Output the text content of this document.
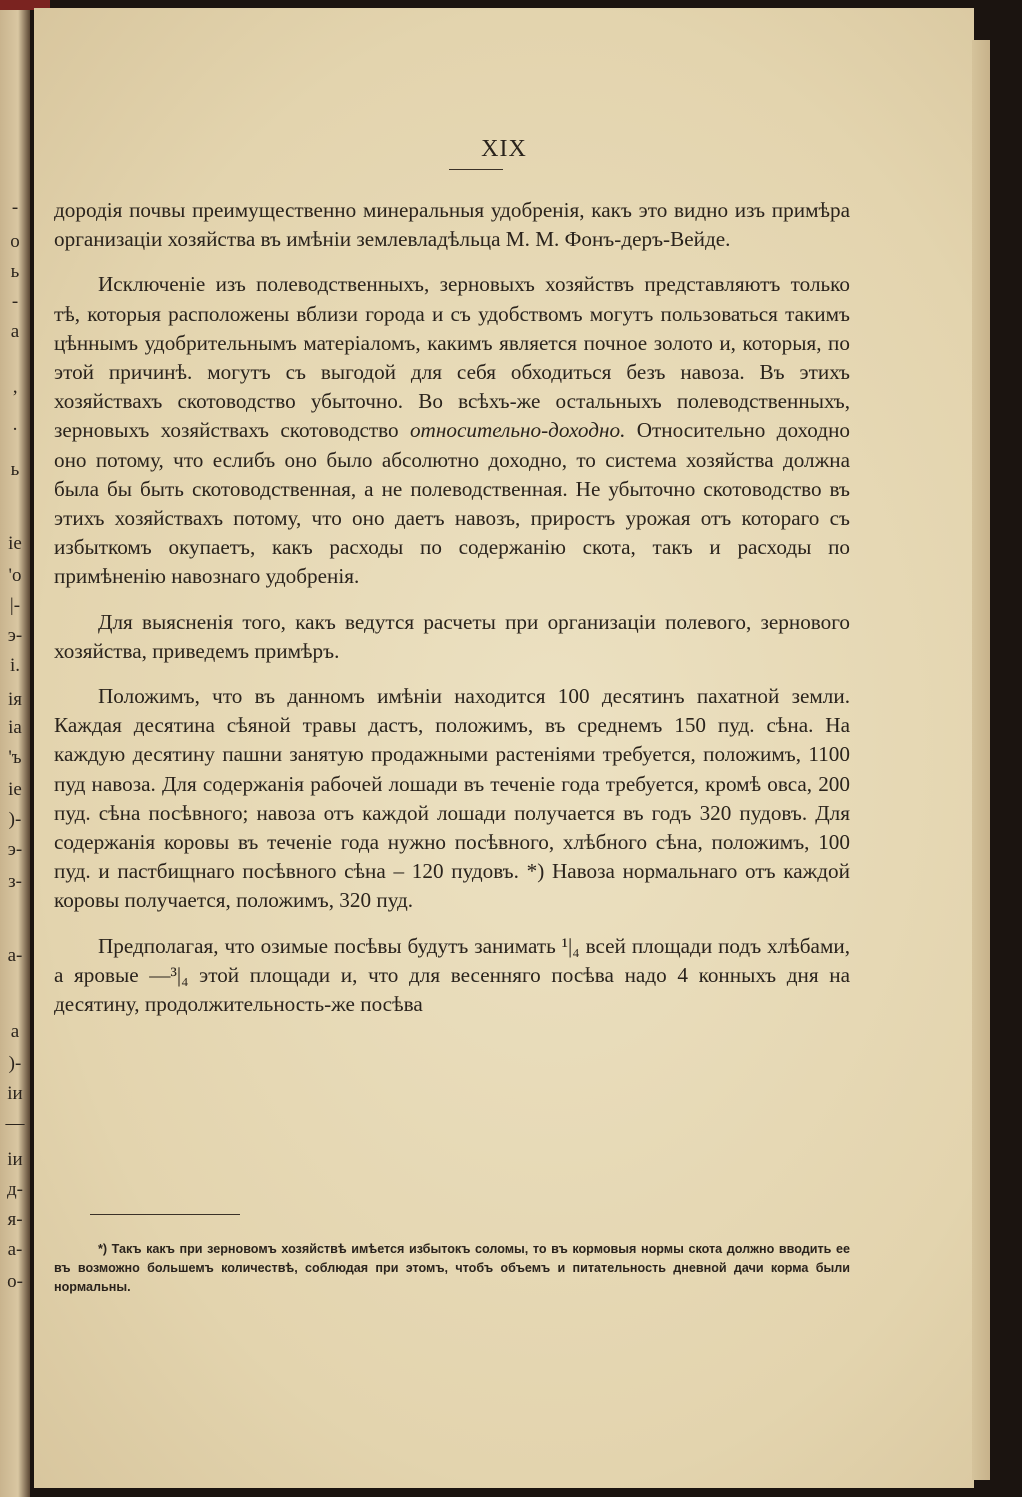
-
о
ь
-
а
’
·
ь
іе
'о
|-
э-
і.
ія
іа
'ъ
іе
)-
э-
з-
а-
а
)-
іи
—
іи
д-
я-
а-
о-
XIX

дородія почвы преимущественно минеральныя удобренія, какъ это видно изъ примѣра организаціи хозяйства въ имѣніи землевладѣльца М. М. Фонъ-деръ-Вейде.

Исключеніе изъ полеводственныхъ, зерновыхъ хозяйствъ представляютъ только тѣ, которыя расположены вблизи города и съ удобствомъ могутъ пользоваться такимъ цѣннымъ удобрительнымъ матеріаломъ, какимъ является почное золото и, которыя, по этой причинѣ. могутъ съ выгодой для себя обходиться безъ навоза. Въ этихъ хозяйствахъ скотоводство убыточно. Во всѣхъ-же остальныхъ полеводственныхъ, зерновыхъ хозяйствахъ скотоводство относительно-доходно. Относительно доходно оно потому, что еслибъ оно было абсолютно доходно, то система хозяйства должна была бы быть скотоводственная, а не полеводственная. Не убыточно скотоводство въ этихъ хозяйствахъ потому, что оно даетъ навозъ, приростъ урожая отъ котораго съ избыткомъ окупаетъ, какъ расходы по содержанію скота, такъ и расходы по примѣненію навознаго удобренія.

Для выясненія того, какъ ведутся расчеты при организаціи полевого, зернового хозяйства, приведемъ примѣръ.

Положимъ, что въ данномъ имѣніи находится 100 десятинъ пахатной земли. Каждая десятина сѣяной травы дастъ, положимъ, въ среднемъ 150 пуд. сѣна. На каждую десятину пашни занятую продажными растеніями требуется, положимъ, 1100 пуд навоза. Для содержанія рабочей лошади въ теченіе года требуется, кромѣ овса, 200 пуд. сѣна посѣвного; навоза отъ каждой лошади получается въ годъ 320 пудовъ. Для содержанія коровы въ теченіе года нужно посѣвного, хлѣбного сѣна, положимъ, 100 пуд. и пастбищнаго посѣвного сѣна – 120 пудовъ. *) Навоза нормальнаго отъ каждой коровы получается, положимъ, 320 пуд.

Предполагая, что озимые посѣвы будутъ занимать ¹|₄ всей площади подъ хлѣбами, а яровые —³|₄ этой площади и, что для весенняго посѣва надо 4 конныхъ дня на десятину, продолжительность-же посѣва

*) Такъ какъ при зерновомъ хозяйствѣ имѣется избытокъ соломы, то въ кормовыя нормы скота должно вводить ее въ возможно большемъ количествѣ, соблюдая при этомъ, чтобъ объемъ и питательность дневной дачи корма были нормальны.
